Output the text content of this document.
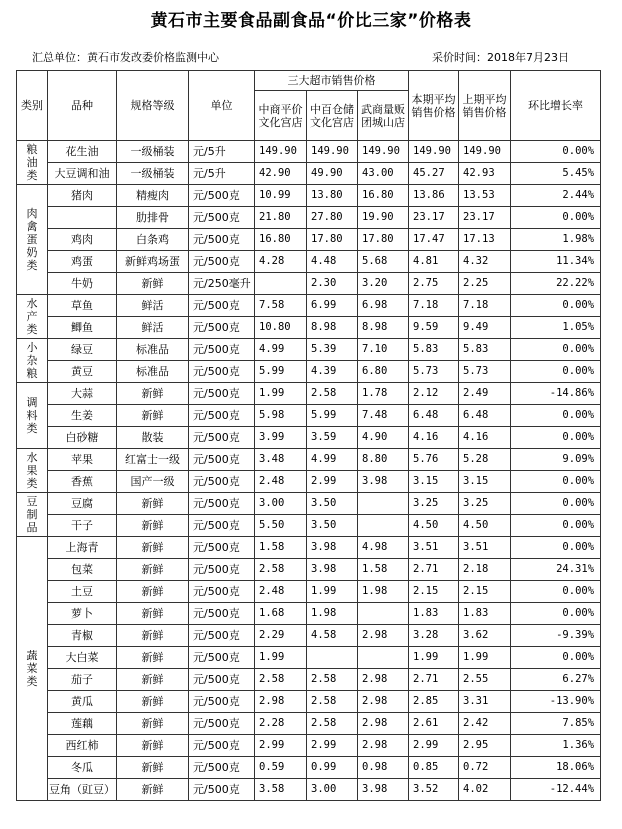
黄石市主要食品副食品“价比三家”价格表
汇总单位：黄石市发改委价格监测中心	采价时间：2018年7月23日
类别	品种	规格等级	单位	三大超市销售价格			本期平均销售价格	上期平均销售价格	环比增长率
				中商平价文化宫店	中百仓储文化宫店	武商量贩团城山店			
粮油类	花生油	一级桶装	元/5升	149.90	149.90	149.90	149.90	149.90	0.00%
	大豆调和油	一级桶装	元/5升	42.90	49.90	43.00	45.27	42.93	5.45%
肉禽蛋奶类	猪肉	精瘦肉	元/500克	10.99	13.80	16.80	13.86	13.53	2.44%
		肋排骨	元/500克	21.80	27.80	19.90	23.17	23.17	0.00%
	鸡肉	白条鸡	元/500克	16.80	17.80	17.80	17.47	17.13	1.98%
	鸡蛋	新鲜鸡场蛋	元/500克	4.28	4.48	5.68	4.81	4.32	11.34%
	牛奶	新鲜	元/250毫升		2.30	3.20	2.75	2.25	22.22%
水产类	草鱼	鲜活	元/500克	7.58	6.99	6.98	7.18	7.18	0.00%
	鲫鱼	鲜活	元/500克	10.80	8.98	8.98	9.59	9.49	1.05%
小杂粮	绿豆	标准品	元/500克	4.99	5.39	7.10	5.83	5.83	0.00%
	黄豆	标准品	元/500克	5.99	4.39	6.80	5.73	5.73	0.00%
调料类	大蒜	新鲜	元/500克	1.99	2.58	1.78	2.12	2.49	-14.86%
	生姜	新鲜	元/500克	5.98	5.99	7.48	6.48	6.48	0.00%
	白砂糖	散装	元/500克	3.99	3.59	4.90	4.16	4.16	0.00%
水果类	苹果	红富士一级	元/500克	3.48	4.99	8.80	5.76	5.28	9.09%
	香蕉	国产一级	元/500克	2.48	2.99	3.98	3.15	3.15	0.00%
豆制品	豆腐	新鲜	元/500克	3.00	3.50		3.25	3.25	0.00%
	干子	新鲜	元/500克	5.50	3.50		4.50	4.50	0.00%
蔬菜类	上海青	新鲜	元/500克	1.58	3.98	4.98	3.51	3.51	0.00%
	包菜	新鲜	元/500克	2.58	3.98	1.58	2.71	2.18	24.31%
	土豆	新鲜	元/500克	2.48	1.99	1.98	2.15	2.15	0.00%
	萝卜	新鲜	元/500克	1.68	1.98		1.83	1.83	0.00%
	青椒	新鲜	元/500克	2.29	4.58	2.98	3.28	3.62	-9.39%
	大白菜	新鲜	元/500克	1.99			1.99	1.99	0.00%
	茄子	新鲜	元/500克	2.58	2.58	2.98	2.71	2.55	6.27%
	黄瓜	新鲜	元/500克	2.98	2.58	2.98	2.85	3.31	-13.90%
	莲藕	新鲜	元/500克	2.28	2.58	2.98	2.61	2.42	7.85%
	西红柿	新鲜	元/500克	2.99	2.99	2.98	2.99	2.95	1.36%
	冬瓜	新鲜	元/500克	0.59	0.99	0.98	0.85	0.72	18.06%
	豆角（豇豆）	新鲜	元/500克	3.58	3.00	3.98	3.52	4.02	-12.44%
